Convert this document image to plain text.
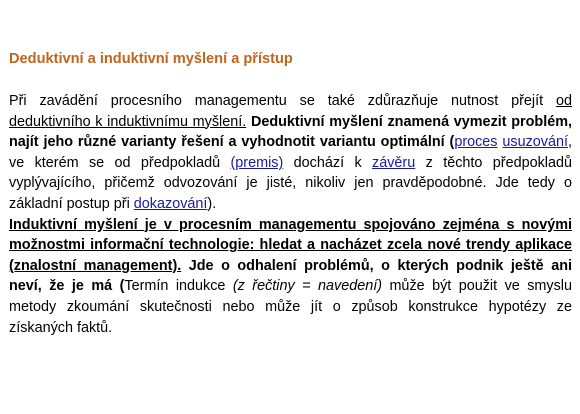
Deduktivní a induktivní myšlení a přístup

Při zavádění procesního managementu se také zdůrazňuje nutnost přejít od deduktivního k induktivnímu myšlení. Deduktivní myšlení znamená vymezit problém, najít jeho různé varianty řešení a vyhodnotit variantu optimální (proces usuzování, ve kterém se od předpokladů (premis) dochází k závěru z těchto předpokladů vyplývajícího, přičemž odvozování je jisté, nikoliv jen pravděpodobné. Jde tedy o základní postup při dokazování).

Induktivní myšlení je v procesním managementu spojováno zejména s novými možnostmi informační technologie: hledat a nacházet zcela nové trendy aplikace (znalostní management). Jde o odhalení problémů, o kterých podnik ještě ani neví, že je má (Termín indukce (z řečtiny = navedení) může být použit ve smyslu metody zkoumání skutečnosti nebo může jít o způsob konstrukce hypotézy ze získaných faktů.
